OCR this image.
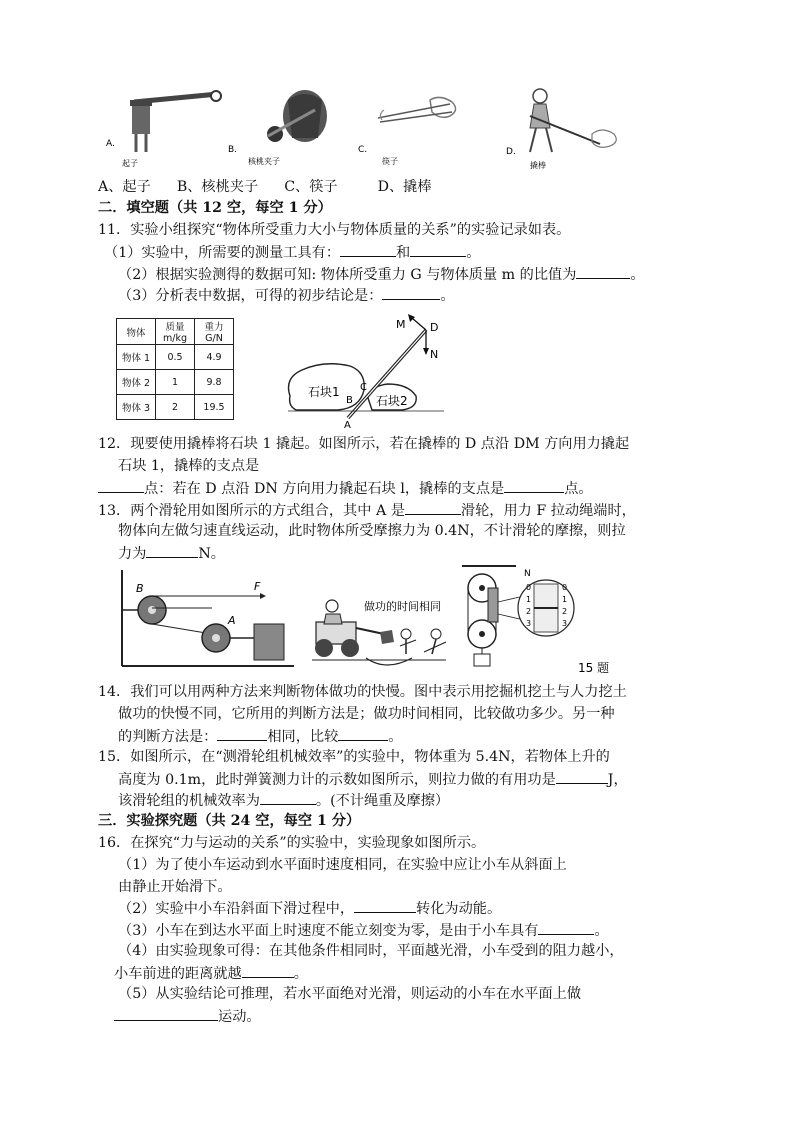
A.
起子
B.
核桃夹子
C.
筷子
D.
撬棒
A、起子 B、核桃夹子 C、筷子	D、撬棒
二．填空题（共 12 空，每空 1 分）
11．实验小组探究“物体所受重力大小与物体质量的关系”的实验记录如表。
（1）实验中，所需要的测量工具有：	和	。
（2）根据实验测得的数据可知: 物体所受重力 G 与物体质量 m 的比值为	。
（3）分析表中数据，可得的初步结论是：	。
物体	质量 m/kg	重力 G/N
物体 1	0.5	4.9
物体 2	1	9.8
物体 3	2	19.5
M D
N
C
B
A
石块1
石块2
12．现要使用撬棒将石块 1 撬起。如图所示，若在撬棒的 D 点沿 DM 方向用力撬起
石块 1，撬棒的支点是
点：若在 D 点沿 DN 方向用力撬起石块 l，撬棒的支点是	点。
13．两个滑轮用如图所示的方式组合，其中 A 是	滑轮，用力 F 拉动绳端时，
物体向左做匀速直线运动，此时物体所受摩擦力为 0.4N，不计滑轮的摩擦，则拉
力为	N。
B
A
F
做功的时间相同
N
0
1
2
3
0
1
2
3
15 题
14．我们可以用两种方法来判断物体做功的快慢。图中表示用挖掘机挖土与人力挖土
做功的快慢不同，它所用的判断方法是；做功时间相同，比较做功多少。另一种
的判断方法是：	相同，比较	。
15．如图所示，在“测滑轮组机械效率”的实验中，物体重为 5.4N，若物体上升的
高度为 0.1m，此时弹簧测力计的示数如图所示，则拉力做的有用功是	J，
该滑轮组的机械效率为	。(不计绳重及摩擦）
三．实验探究题（共 24 空，每空 1 分）
16．在探究“力与运动的关系”的实验中，实验现象如图所示。
（1）为了使小车运动到水平面时速度相同，在实验中应让小车从斜面上
由静止开始滑下。
（2）实验中小车沿斜面下滑过程中，	转化为动能。
（3）小车在到达水平面上时速度不能立刻变为零，是由于小车具有	。
（4）由实验现象可得：在其他条件相同时，平面越光滑，小车受到的阻力越小，
小车前进的距离就越	。
（5）从实验结论可推理，若水平面绝对光滑，则运动的小车在水平面上做
运动。
